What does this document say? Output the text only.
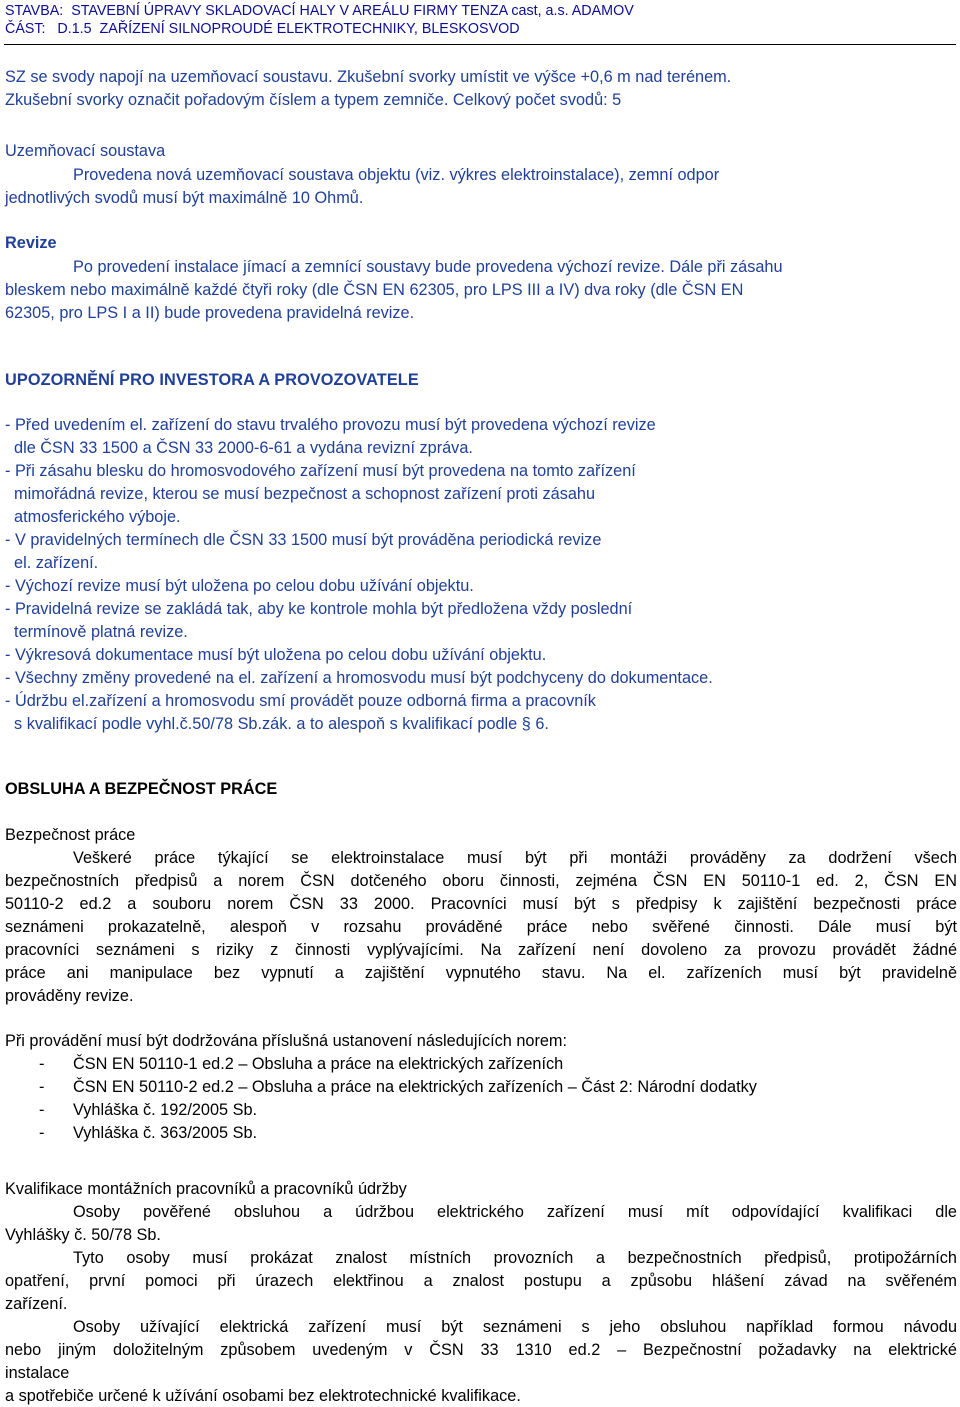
STAVBA:  STAVEBNÍ ÚPRAVY SKLADOVACÍ HALY V AREÁLU FIRMY TENZA cast, a.s. ADAMOV
ČÁST:   D.1.5  ZAŘÍZENÍ SILNOPROUDÉ ELEKTROTECHNIKY, BLESKOSVOD
SZ se svody napojí na uzemňovací soustavu. Zkušební svorky umístit ve výšce +0,6 m nad terénem.
Zkušební svorky označit pořadovým číslem a typem zemniče. Celkový počet svodů: 5
Uzemňovací soustava
Provedena nová uzemňovací soustava objektu (viz. výkres elektroinstalace), zemní odpor
jednotlivých svodů musí být maximálně 10 Ohmů.
Revize
Po provedení instalace jímací a zemnící soustavy bude provedena výchozí revize. Dále při zásahu
bleskem nebo maximálně každé čtyři roky (dle ČSN EN 62305, pro LPS III a IV) dva roky (dle ČSN EN
62305, pro LPS I a II) bude provedena pravidelná revize.
UPOZORNĚNÍ PRO INVESTORA A PROVOZOVATELE
- Před uvedením el. zařízení do stavu trvalého provozu musí být provedena výchozí revize
dle ČSN 33 1500 a ČSN 33 2000-6-61 a vydána revizní zpráva.
- Při zásahu blesku do hromosvodového zařízení musí být provedena na tomto zařízení
mimořádná revize, kterou se musí bezpečnost a schopnost zařízení proti zásahu
atmosferického výboje.
- V pravidelných termínech dle ČSN 33 1500 musí být prováděna periodická revize
el. zařízení.
- Výchozí revize musí být uložena po celou dobu užívání objektu.
- Pravidelná revize se zakládá tak, aby ke kontrole mohla být předložena vždy poslední
termínově platná revize.
- Výkresová dokumentace musí být uložena po celou dobu užívání objektu.
- Všechny změny provedené na el. zařízení a hromosvodu musí být podchyceny do dokumentace.
- Údržbu el.zařízení a hromosvodu smí provádět pouze odborná firma a pracovník
s kvalifikací podle vyhl.č.50/78 Sb.zák. a to alespoň s kvalifikací podle § 6.
OBSLUHA A BEZPEČNOST PRÁCE
Bezpečnost práce
Veškeré práce týkající se elektroinstalace musí být při montáži prováděny za dodržení všech
bezpečnostních předpisů a norem ČSN dotčeného oboru činnosti, zejména ČSN EN 50110-1 ed. 2, ČSN EN
50110-2 ed.2 a souboru norem ČSN 33 2000. Pracovníci musí být s předpisy k zajištění bezpečnosti práce
seznámeni prokazatelně, alespoň v rozsahu prováděné práce nebo svěřené činnosti. Dále musí být
pracovníci seznámeni s riziky z činnosti vyplývajícími. Na zařízení není dovoleno za provozu provádět žádné
práce ani manipulace bez vypnutí a zajištění vypnutého stavu. Na el. zařízeních musí být pravidelně
prováděny revize.
Při provádění musí být dodržována příslušná ustanovení následujících norem:
- ČSN EN 50110-1 ed.2 – Obsluha a práce na elektrických zařízeních
- ČSN EN 50110-2 ed.2 – Obsluha a práce na elektrických zařízeních – Část 2: Národní dodatky
- Vyhláška č. 192/2005 Sb.
- Vyhláška č. 363/2005 Sb.
Kvalifikace montážních pracovníků a pracovníků údržby
Osoby pověřené obsluhou a údržbou elektrického zařízení musí mít odpovídající kvalifikaci dle
Vyhlášky č. 50/78 Sb.
Tyto osoby musí prokázat znalost místních provozních a bezpečnostních předpisů, protipožárních
opatření, první pomoci při úrazech elektřinou a znalost postupu a způsobu hlášení závad na svěřeném
zařízení.
Osoby užívající elektrická zařízení musí být seznámeni s jeho obsluhou například formou návodu
nebo jiným doložitelným způsobem uvedeným v ČSN 33 1310 ed.2 – Bezpečnostní požadavky na elektrické
instalace
a spotřebiče určené k užívání osobami bez elektrotechnické kvalifikace.
